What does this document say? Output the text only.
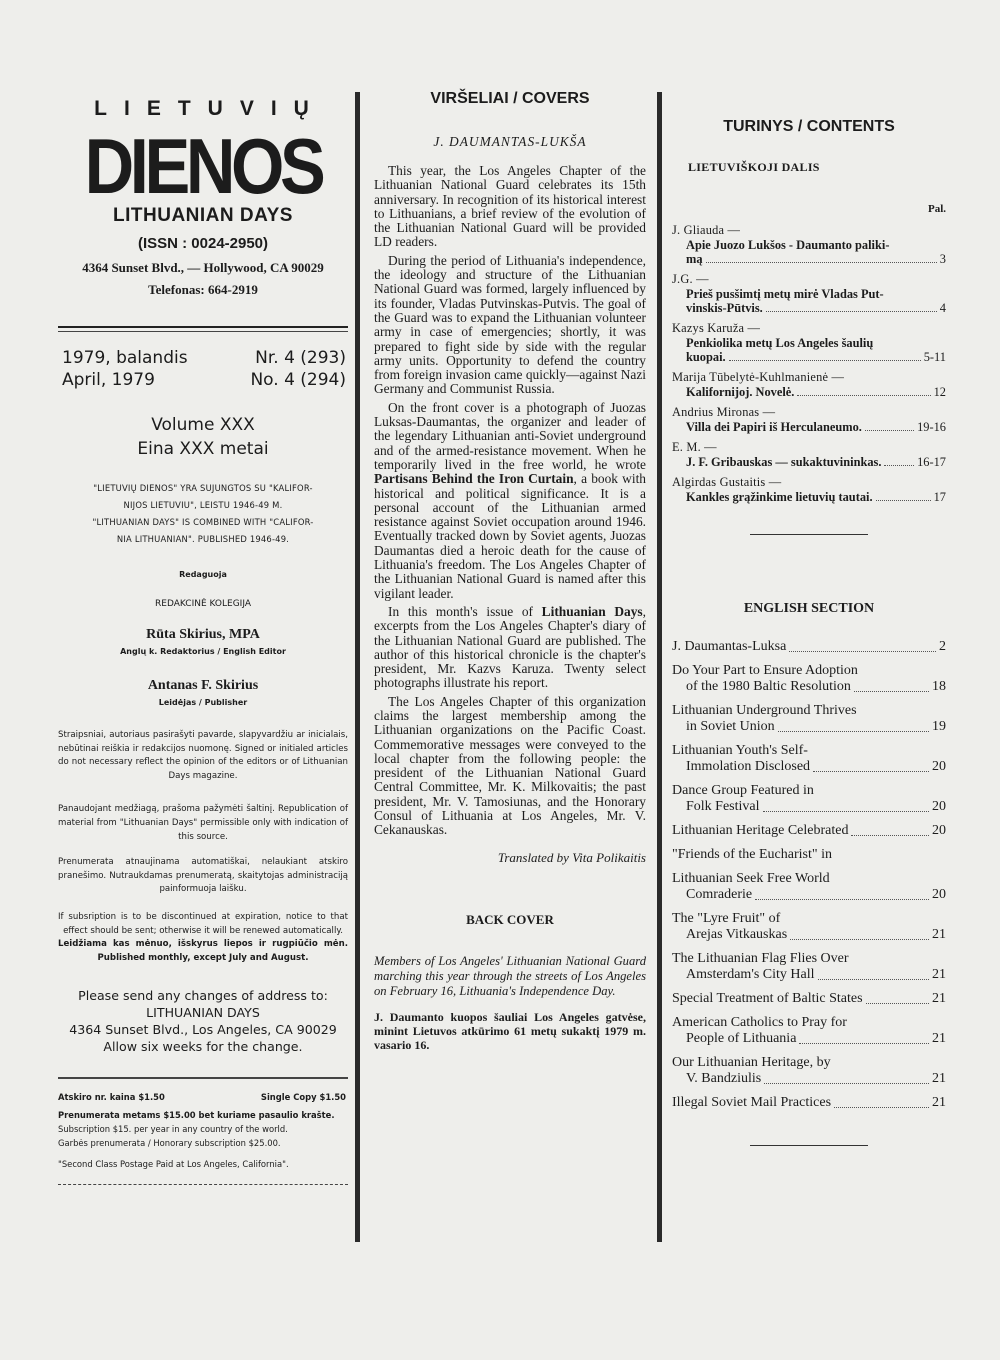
LIETUVIŲ
DIENOS
LITHUANIAN DAYS
(ISSN : 0024-2950)
4364 Sunset Blvd., — Hollywood, CA 90029
Telefonas: 664-2919
1979, balandis	Nr. 4 (293)
April, 1979	No. 4 (294)
Volume XXX
Eina XXX metai
"LIETUVIŲ DIENOS" YRA SUJUNGTOS SU "KALIFOR-
NIJOS LIETUVIU", LEISTU 1946-49 M.
"LITHUANIAN DAYS" IS COMBINED WITH "CALIFOR-
NIA LITHUANIAN". PUBLISHED 1946-49.
Redaguoja
REDAKCINĖ KOLEGIJA
Rūta Skirius, MPA
Anglų k. Redaktorius / English Editor
Antanas F. Skirius
Leidėjas / Publisher
Straipsniai, autoriaus pasirašyti pavarde, slapyvardžiu ar inicialais, nebūtinai reiškia ir redakcijos nuomonę. Signed or initialed articles do not necessary reflect the opinion of the editors or of Lithuanian Days magazine.
Panaudojant medžiagą, prašoma pažymėti šaltinį. Republication of material from "Lithuanian Days" permissible only with indication of this source.
Prenumerata atnaujinama automatiškai, nelaukiant atskiro pranešimo. Nutraukdamas prenumeratą, skaitytojas administraciją painformuoja laišku.
If subsription is to be discontinued at expiration, notice to that effect should be sent; otherwise it will be renewed automatically.
Leidžiama kas mėnuo, išskyrus liepos ir rugpiūčio mėn. Published monthly, except July and August.
Please send any changes of address to:
LITHUANIAN DAYS
4364 Sunset Blvd., Los Angeles, CA 90029
Allow six weeks for the change.
Atskiro nr. kaina $1.50	Single Copy $1.50
Prenumerata metams $15.00 bet kuriame pasaulio krašte.
Subscription $15. per year in any country of the world.
Garbės prenumerata / Honorary subscription $25.00.
"Second Class Postage Paid at Los Angeles, California".
VIRŠELIAI / COVERS
J. DAUMANTAS-LUKŠA

This year, the Los Angeles Chapter of the Lithuanian National Guard celebrates its 15th anniversary. In recognition of its historical interest to Lithuanians, a brief review of the evolution of the Lithuanian National Guard will be provided LD readers.

During the period of Lithuania's independence, the ideology and structure of the Lithuanian National Guard was formed, largely influenced by its founder, Vladas Putvinskas-Putvis. The goal of the Guard was to expand the Lithuanian volunteer army in case of emergencies; shortly, it was prepared to fight side by side with the regular army units. Opportunity to defend the country from foreign invasion came quickly—against Nazi Germany and Communist Russia.

On the front cover is a photograph of Juozas Luksas-Daumantas, the organizer and leader of the legendary Lithuanian anti-Soviet underground and of the armed-resistance movement. When he temporarily lived in the free world, he wrote Partisans Behind the Iron Curtain, a book with historical and political significance. It is a personal account of the Lithuanian armed resistance against Soviet occupation around 1946. Eventually tracked down by Soviet agents, Juozas Daumantas died a heroic death for the cause of Lithuania's freedom. The Los Angeles Chapter of the Lithuanian National Guard is named after this vigilant leader.

In this month's issue of Lithuanian Days, excerpts from the Los Angeles Chapter's diary of the Lithuanian National Guard are published. The author of this historical chronicle is the chapter's president, Mr. Kazvs Karuza. Twenty select photographs illustrate his report.

The Los Angeles Chapter of this organization claims the largest membership among the Lithuanian organizations on the Pacific Coast. Commemorative messages were conveyed to the local chapter from the following people: the president of the Lithuanian National Guard Central Committee, Mr. K. Milkovaitis; the past president, Mr. V. Tamosiunas, and the Honorary Consul of Lithuania at Los Angeles, Mr. V. Cekanauskas.

Translated by Vita Polikaitis
BACK COVER
Members of Los Angeles' Lithuanian National Guard marching this year through the streets of Los Angeles on February 16, Lithuania's Independence Day.
J. Daumanto kuopos šauliai Los Angeles gatvėse, minint Lietuvos atkūrimo 61 metų sukaktį 1979 m. vasario 16.
TURINYS / CONTENTS
LIETUVIŠKOJI DALIS
Pal.
J. Gliauda —
Apie Juozo Lukšos - Daumanto paliki-
mą	3
J.G. —
Prieš pusšimtį metų mirė Vladas Put-
vinskis-Pūtvis.	4
Kazys Karuža —
Penkiolika metų Los Angeles šaulių
kuopai.	5-11
Marija Tūbelytė-Kuhlmanienė —
Kalifornijoj. Novelė.	12
Andrius Mironas —
Villa dei Papiri iš Herculaneumo.	19-16
E. M. —
J. F. Gribauskas — sukaktuvininkas.	16-17
Algirdas Gustaitis —
Kankles grąžinkime lietuvių tautai.	17
ENGLISH SECTION
J. Daumantas-Luksa	2
Do Your Part to Ensure Adoption
of the 1980 Baltic Resolution	18
Lithuanian Underground Thrives
in Soviet Union	19
Lithuanian Youth's Self-
Immolation Disclosed	20
Dance Group Featured in
Folk Festival	20
Lithuanian Heritage Celebrated	20
"Friends of the Eucharist" in
Lithuanian Seek Free World
Comraderie	20
The "Lyre Fruit" of
Arejas Vitkauskas	21
The Lithuanian Flag Flies Over
Amsterdam's City Hall	21
Special Treatment of Baltic States	21
American Catholics to Pray for
People of Lithuania	21
Our Lithuanian Heritage, by
V. Bandziulis	21
Illegal Soviet Mail Practices	21
